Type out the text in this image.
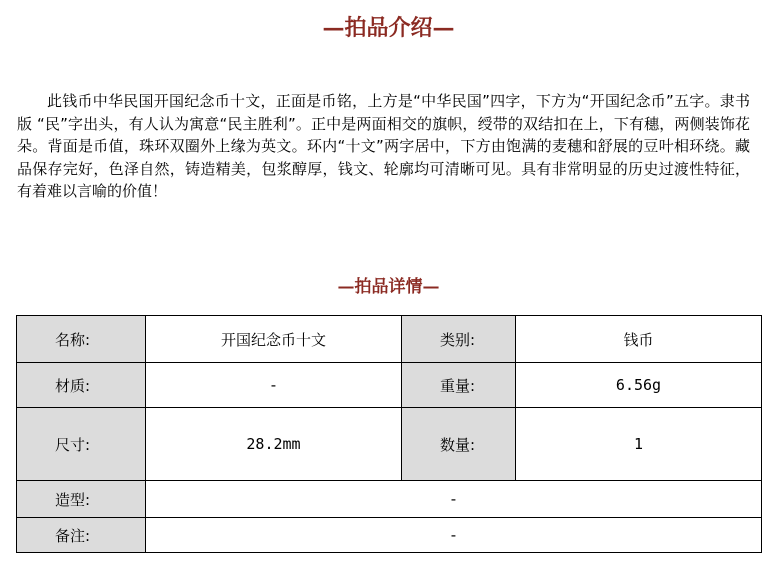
—拍品介绍—

此钱币中华民国开国纪念币十文，正面是币铭，上方是“中华民国”四字，下方为“开国纪念币”五字。隶书版 “民”字出头，有人认为寓意“民主胜利”。正中是两面相交的旗帜，绶带的双结扣在上，下有穗，两侧装饰花朵。背面是币值，珠环双圈外上缘为英文。环内“十文”两字居中，下方由饱满的麦穗和舒展的豆叶相环绕。藏品保存完好，色泽自然，铸造精美，包浆醇厚，钱文、轮廓均可清晰可见。具有非常明显的历史过渡性特征，有着难以言喻的价值！

—拍品详情—
名称:	开国纪念币十文	类别:	钱币
材质:	-	重量:	6.56g
尺寸:	28.2mm	数量:	1
造型:	-		
备注:	-		
